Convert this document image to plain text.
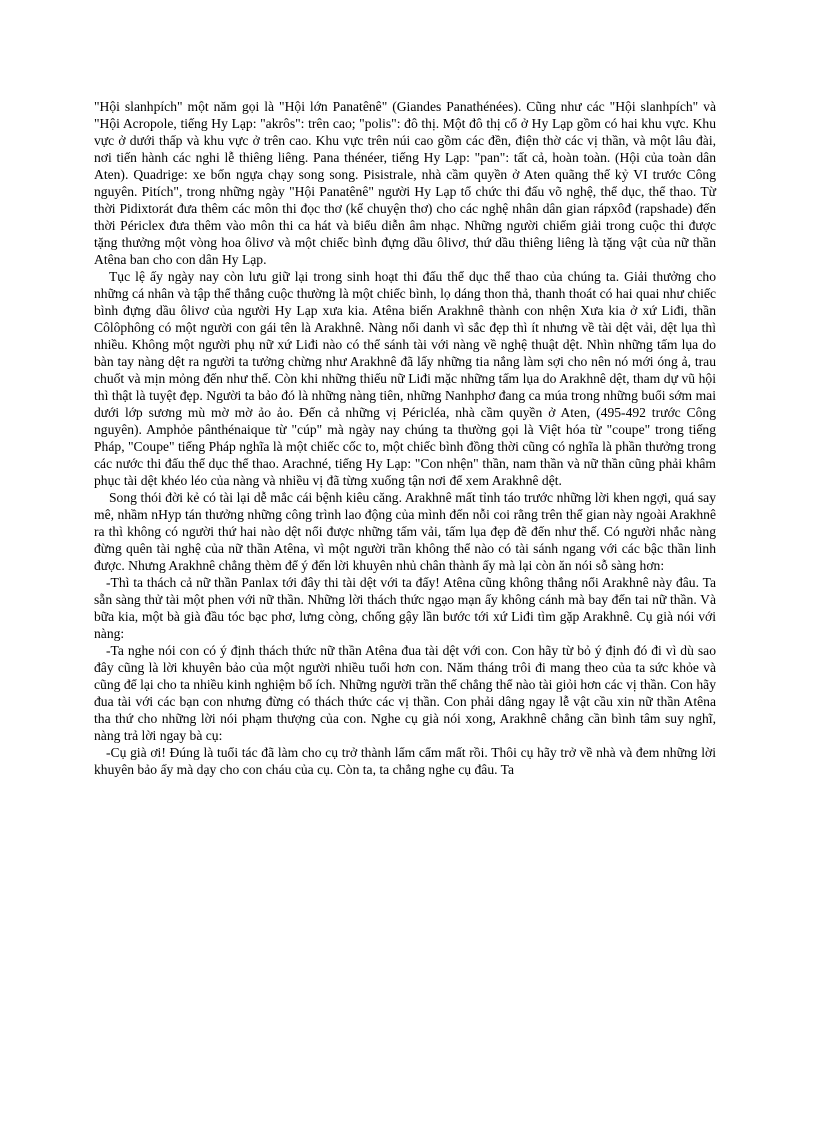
"Hội slanhpích" một năm gọi là "Hội lớn Panatênê" (Giandes Panathénées). Cũng như các "Hội slanhpích" và "Hội Acropole, tiếng Hy Lạp: "akrôs": trên cao; "polis": đô thị. Một đô thị cổ ở Hy Lạp gồm có hai khu vực. Khu vực ở dưới thấp và khu vực ở trên cao. Khu vực trên núi cao gồm các đền, điện thờ các vị thần, và một lâu đài, nơi tiến hành các nghi lễ thiêng liêng. Pana thénéer, tiếng Hy Lạp: "pan": tất cả, hoàn toàn. (Hội của toàn dân Aten). Quadrige: xe bốn ngựa chạy song song. Pisistrale, nhà cầm quyền ở Aten quãng thế kỷ VI trước Công nguyên. Pitích", trong những ngày "Hội Panatênê" người Hy Lạp tổ chức thi đấu võ nghệ, thể dục, thể thao. Từ thời Pidixtorát đưa thêm các môn thi đọc thơ (kể chuyện thơ) cho các nghệ nhân dân gian rápxôđ (rapshade) đến thời Périclex đưa thêm vào môn thi ca hát và biểu diễn âm nhạc. Những người chiếm giải trong cuộc thi được tặng thưởng một vòng hoa ôlivơ và một chiếc bình đựng dầu ôlivơ, thứ dầu thiêng liêng là tặng vật của nữ thần Atêna ban cho con dân Hy Lạp.

Tục lệ ấy ngày nay còn lưu giữ lại trong sinh hoạt thi đấu thể dục thể thao của chúng ta. Giải thưởng cho những cá nhân và tập thể thắng cuộc thường là một chiếc bình, lọ dáng thon thả, thanh thoát có hai quai như chiếc bình đựng dầu ôlivơ của người Hy Lạp xưa kia. Atêna biến Arakhnê thành con nhện Xưa kia ở xứ Liđi, thần Côlôphông có một người con gái tên là Arakhnê. Nàng nổi danh vì sắc đẹp thì ít nhưng về tài dệt vải, dệt lụa thì nhiều. Không một người phụ nữ xứ Liđi nào có thể sánh tài với nàng về nghệ thuật dệt. Nhìn những tấm lụa do bàn tay nàng dệt ra người ta tưởng chừng như Arakhnê đã lấy những tia nắng làm sợi cho nên nó mới óng ả, trau chuốt và mịn mỏng đến như thế. Còn khi những thiếu nữ Liđi mặc những tấm lụa do Arakhnê dệt, tham dự vũ hội thì thật là tuyệt đẹp. Người ta bảo đó là những nàng tiên, những Nanhphơ đang ca múa trong những buổi sớm mai dưới lớp sương mù mờ mờ ảo ảo. Đến cả những vị Péricléa, nhà cầm quyền ở Aten, (495-492 trước Công nguyên). Amphỏe pânthénaique từ "cúp" mà ngày nay chúng ta thường gọi là Việt hóa từ "coupe" trong tiếng Pháp, "Coupe" tiếng Pháp nghĩa là một chiếc cốc to, một chiếc bình đồng thời cũng có nghĩa là phần thưởng trong các nước thi đấu thể dục thể thao. Arachné, tiếng Hy Lạp: "Con nhện" thần, nam thần và nữ thần cũng phải khâm phục tài dệt khéo léo của nàng và nhiều vị đã từng xuống tận nơi để xem Arakhnê dệt.

Song thói đời kẻ có tài lại dễ mắc cái bệnh kiêu căng. Arakhnê mất tỉnh táo trước những lời khen ngợi, quá say mê, nhầm nHyp tán thưởng những công trình lao động của mình đến nỗi coi rằng trên thế gian này ngoài Arakhnê ra thì không có người thứ hai nào dệt nổi được những tấm vải, tấm lụa đẹp đẽ đến như thế. Có người nhắc nàng đừng quên tài nghệ của nữ thần Atêna, vì một người trần không thể nào có tài sánh ngang với các bậc thần linh được. Nhưng Arakhnê chẳng thèm để ý đến lời khuyên nhủ chân thành ấy mà lại còn ăn nói sỗ sàng hơn:

-Thì ta thách cả nữ thần Panlax tới đây thi tài dệt với ta đấy! Atêna cũng không thắng nổi Arakhnê này đâu. Ta sẵn sàng thử tài một phen với nữ thần. Những lời thách thức ngạo mạn ấy không cánh mà bay đến tai nữ thần. Và bữa kia, một bà già đầu tóc bạc phơ, lưng còng, chống gậy lần bước tới xứ Liđi tìm gặp Arakhnê. Cụ già nói với nàng:

-Ta nghe nói con có ý định thách thức nữ thần Atêna đua tài dệt với con. Con hãy từ bỏ ý định đó đi vì dù sao đây cũng là lời khuyên bảo của một người nhiều tuổi hơn con. Năm tháng trôi đi mang theo của ta sức khỏe và cũng để lại cho ta nhiều kinh nghiệm bổ ích. Những người trần thế chẳng thể nào tài giỏi hơn các vị thần. Con hãy đua tài với các bạn con nhưng đừng có thách thức các vị thần. Con phải dâng ngay lễ vật cầu xin nữ thần Atêna tha thứ cho những lời nói phạm thượng của con. Nghe cụ già nói xong, Arakhnê chẳng cần bình tâm suy nghĩ, nàng trả lời ngay bà cụ:

-Cụ già ơi! Đúng là tuổi tác đã làm cho cụ trở thành lẩm cẩm mất rồi. Thôi cụ hãy trở về nhà và đem những lời khuyên bảo ấy mà dạy cho con cháu của cụ. Còn ta, ta chẳng nghe cụ đâu. Ta
